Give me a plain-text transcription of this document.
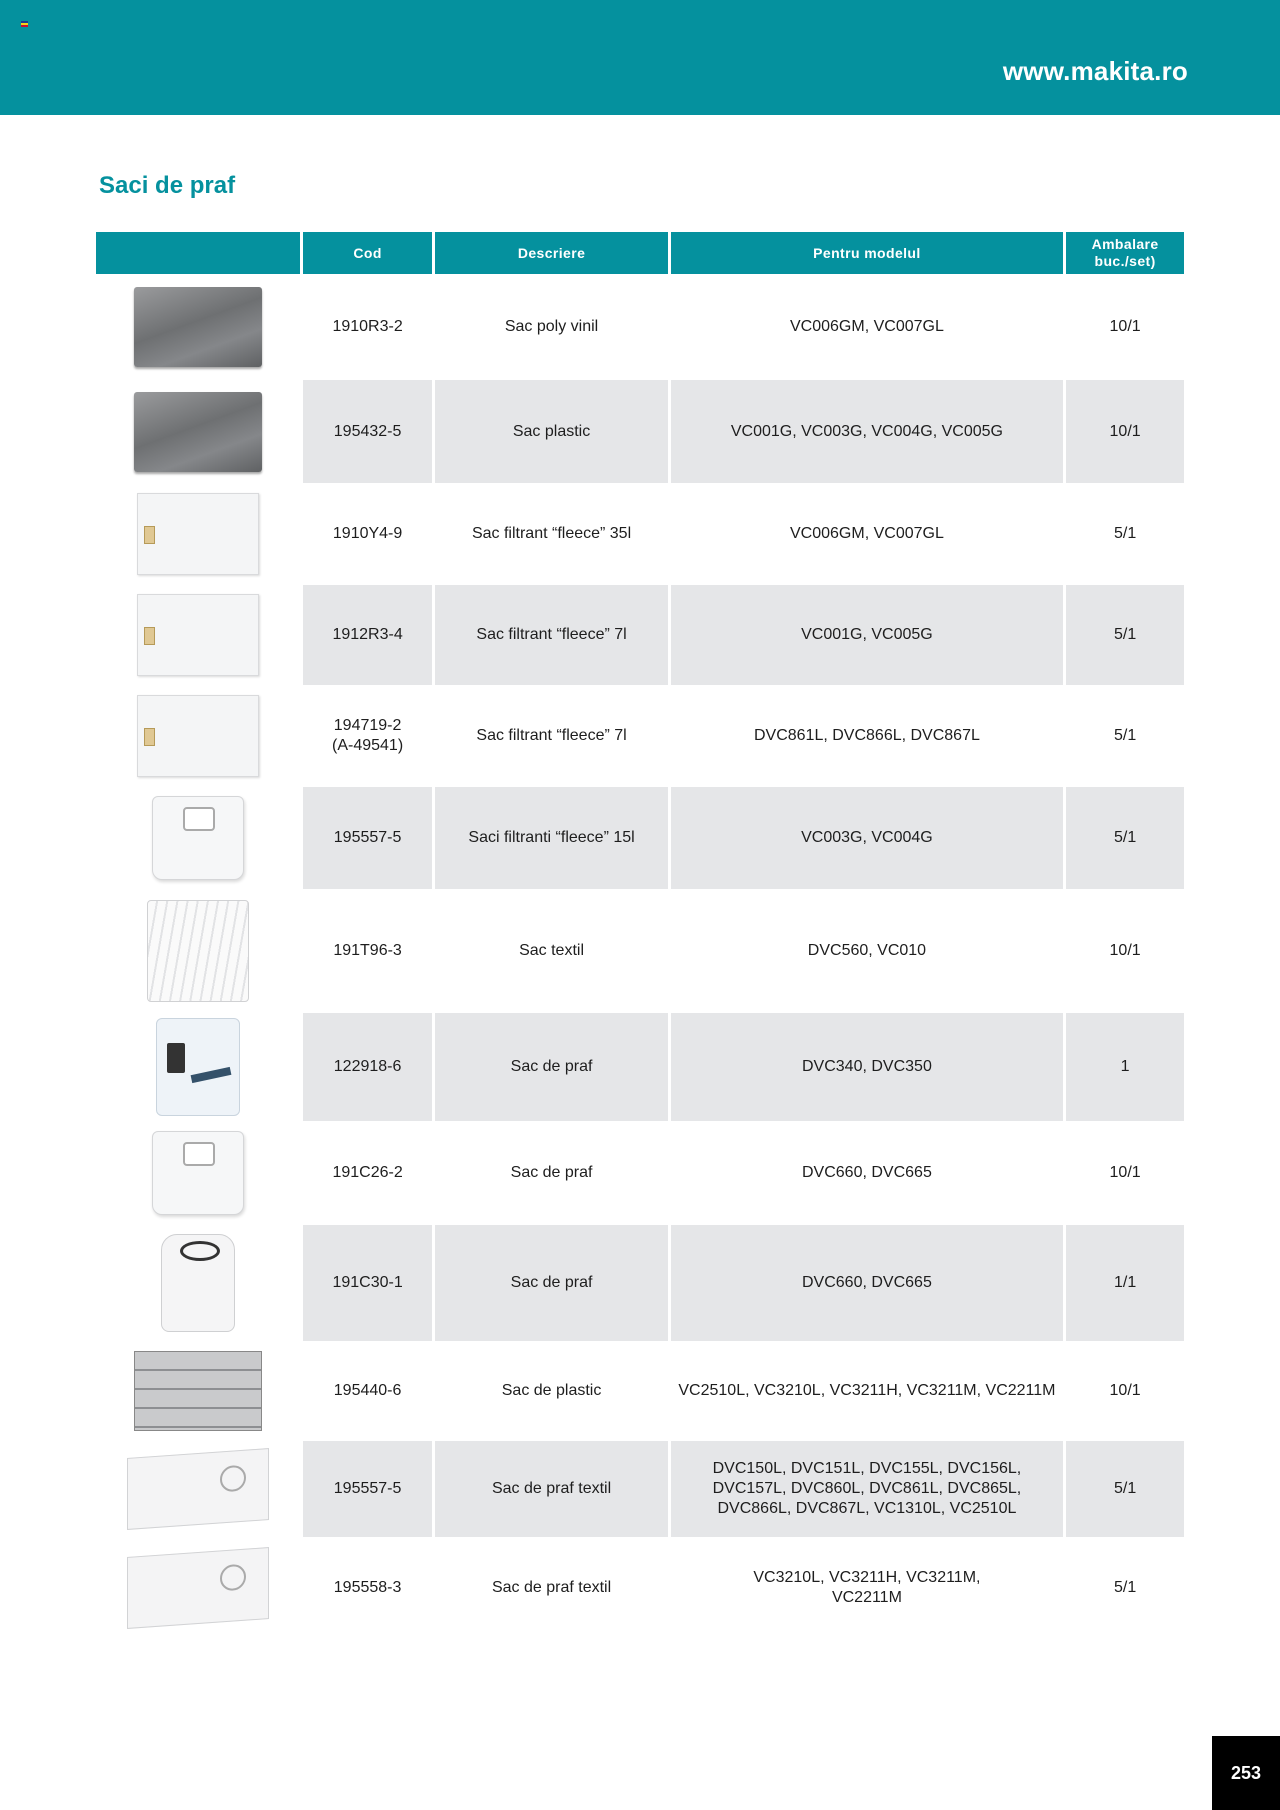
www.makita.ro
Saci de praf
	Cod	Descriere	Pentru modelul	Ambalare
buc./set)

	1910R3-2	Sac poly vinil	VC006GM, VC007GL	10/1

	195432-5	Sac plastic	VC001G, VC003G, VC004G, VC005G	10/1

	1910Y4-9	Sac filtrant “fleece” 35l	VC006GM, VC007GL	5/1

	1912R3-4	Sac filtrant “fleece” 7l	VC001G, VC005G	5/1

	194719-2
(A-49541)	Sac filtrant “fleece” 7l	DVC861L, DVC866L, DVC867L	5/1

	195557-5	Saci filtranti “fleece” 15l	VC003G, VC004G	5/1

	191T96-3	Sac textil	DVC560, VC010	10/1

	122918-6	Sac de praf	DVC340, DVC350	1

	191C26-2	Sac de praf	DVC660, DVC665	10/1

	191C30-1	Sac de praf	DVC660, DVC665	1/1

	195440-6	Sac de plastic	VC2510L, VC3210L, VC3211H, VC3211M, VC2211M	10/1

	195557-5	Sac de praf textil	DVC150L, DVC151L, DVC155L, DVC156L,
DVC157L, DVC860L, DVC861L, DVC865L,
DVC866L, DVC867L, VC1310L, VC2510L	5/1

	195558-3	Sac de praf textil	VC3210L, VC3211H, VC3211M,
VC2211M	5/1
253
